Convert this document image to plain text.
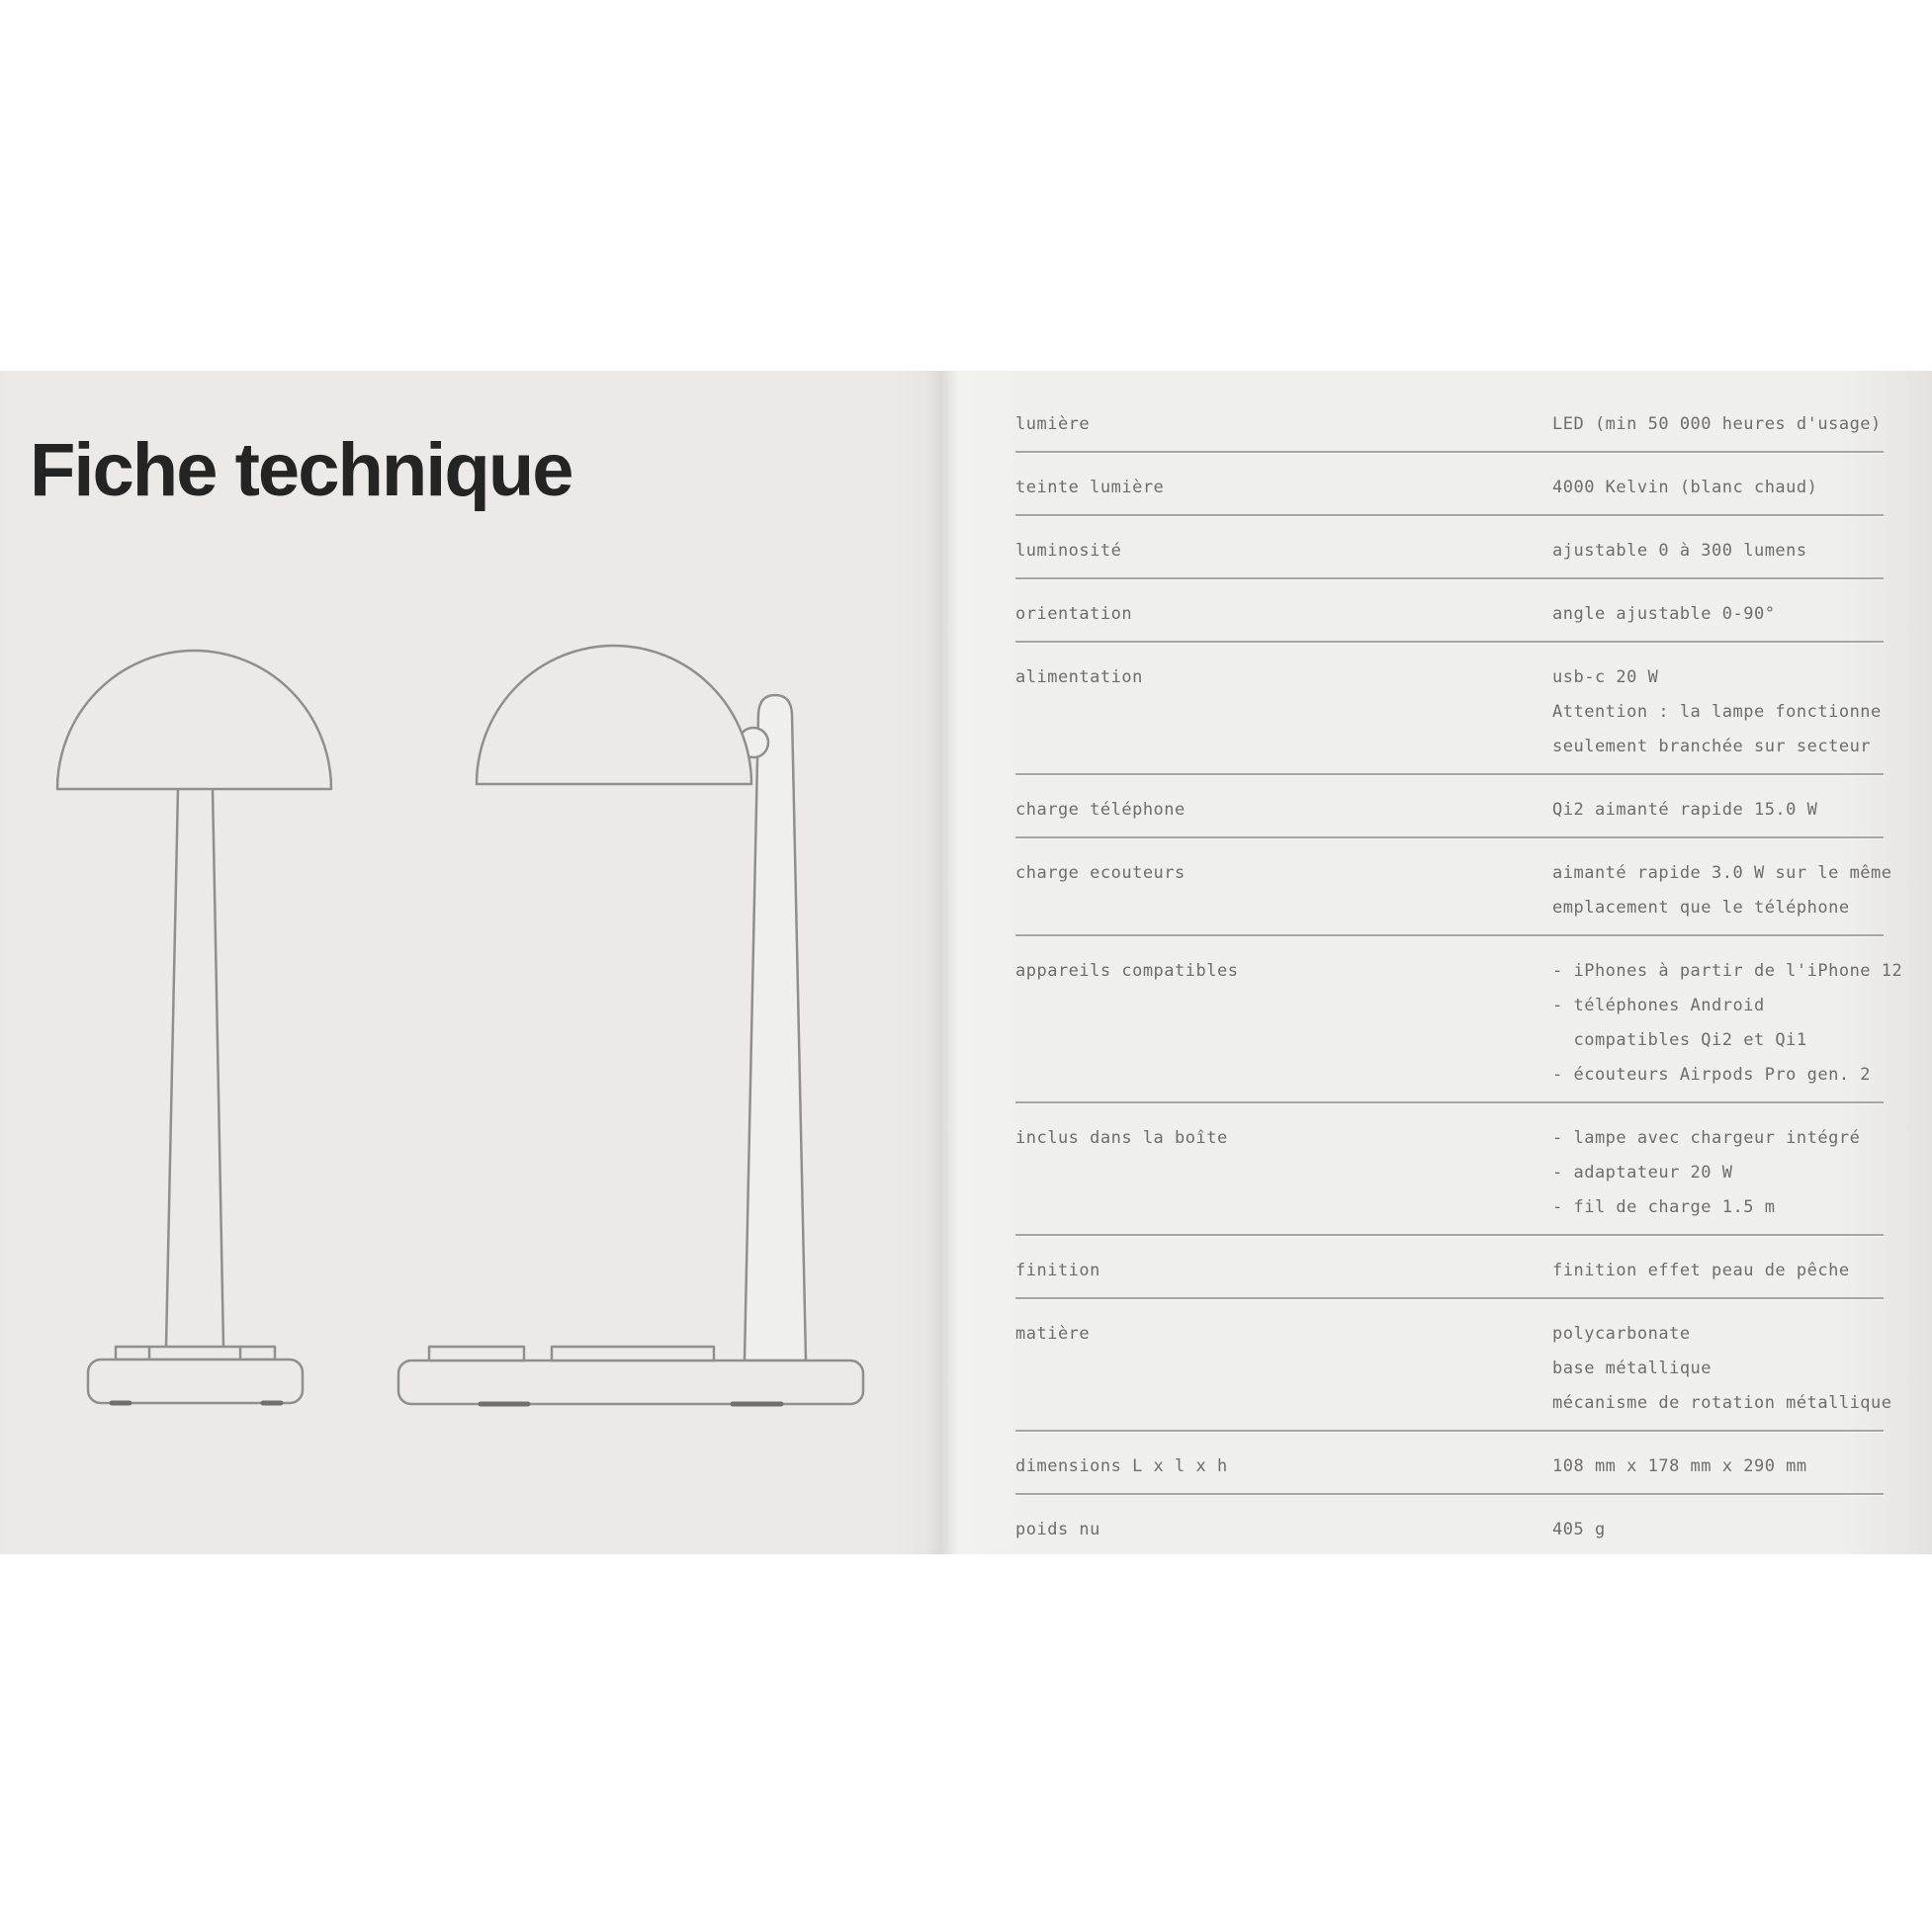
Fiche technique
lumière	LED (min 50 000 heures d'usage)
teinte lumière	4000 Kelvin (blanc chaud)
luminosité	ajustable 0 à 300 lumens
orientation	angle ajustable 0-90°
alimentation	usb-c 20 W
Attention : la lampe fonctionne
seulement branchée sur secteur
charge téléphone	Qi2 aimanté rapide 15.0 W
charge ecouteurs	aimanté rapide 3.0 W sur le même
emplacement que le téléphone
appareils compatibles	- iPhones à partir de l'iPhone 12
- téléphones Android
compatibles Qi2 et Qi1
- écouteurs Airpods Pro gen. 2
inclus dans la boîte	- lampe avec chargeur intégré
- adaptateur 20 W
- fil de charge 1.5 m
finition	finition effet peau de pêche
matière	polycarbonate
base métallique
mécanisme de rotation métallique
dimensions L x l x h	108 mm x 178 mm x 290 mm
poids nu	405 g
